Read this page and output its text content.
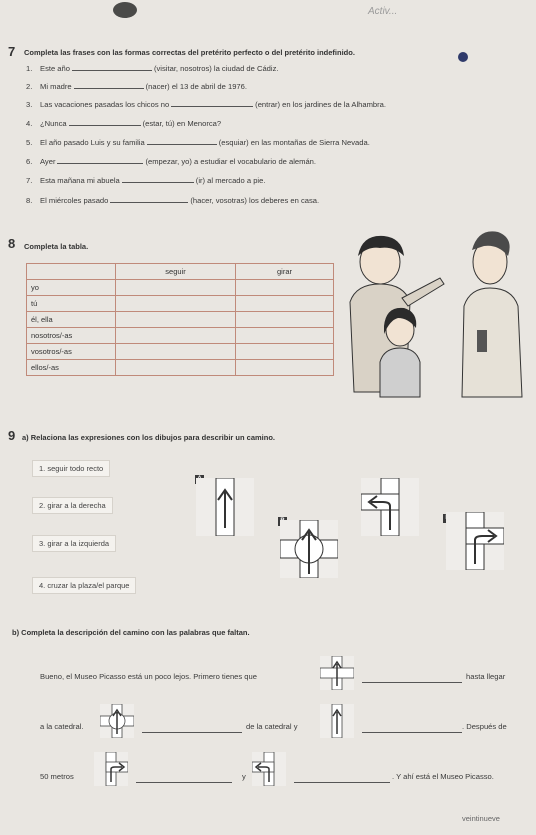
Activ...
7 Completa las frases con las formas correctas del pretérito perfecto o del pretérito indefinido.
1.	Este año	(visitar, nosotros) la ciudad de Cádiz.
2.	Mi madre	(nacer) el 13 de abril de 1976.
3.	Las vacaciones pasadas los chicos no	(entrar) en los jardines de la Alhambra.
4.	¿Nunca	(estar, tú) en Menorca?
5.	El año pasado Luis y su familia	(esquiar) en las montañas de Sierra Nevada.
6.	Ayer	(empezar, yo) a estudiar el vocabulario de alemán.
7.	Esta mañana mi abuela	(ir) al mercado a pie.
8.	El miércoles pasado	(hacer, vosotras) los deberes en casa.
8 Completa la tabla.
	seguir	girar
yo		
tú		
él, ella		
nosotros/-as		
vosotros/-as		
ellos/-as		
9 a) Relaciona las expresiones con los dibujos para describir un camino.
1. seguir todo recto
2. girar a la derecha
3. girar a la izquierda
4. cruzar la plaza/el parque
b) Completa la descripción del camino con las palabras que faltan.
Bueno, el Museo Picasso está un poco lejos. Primero tienes que	hasta llegar
a la catedral.	de la catedral y	. Después de
50 metros	y	. Y ahí está el Museo Picasso.
veintinueve
